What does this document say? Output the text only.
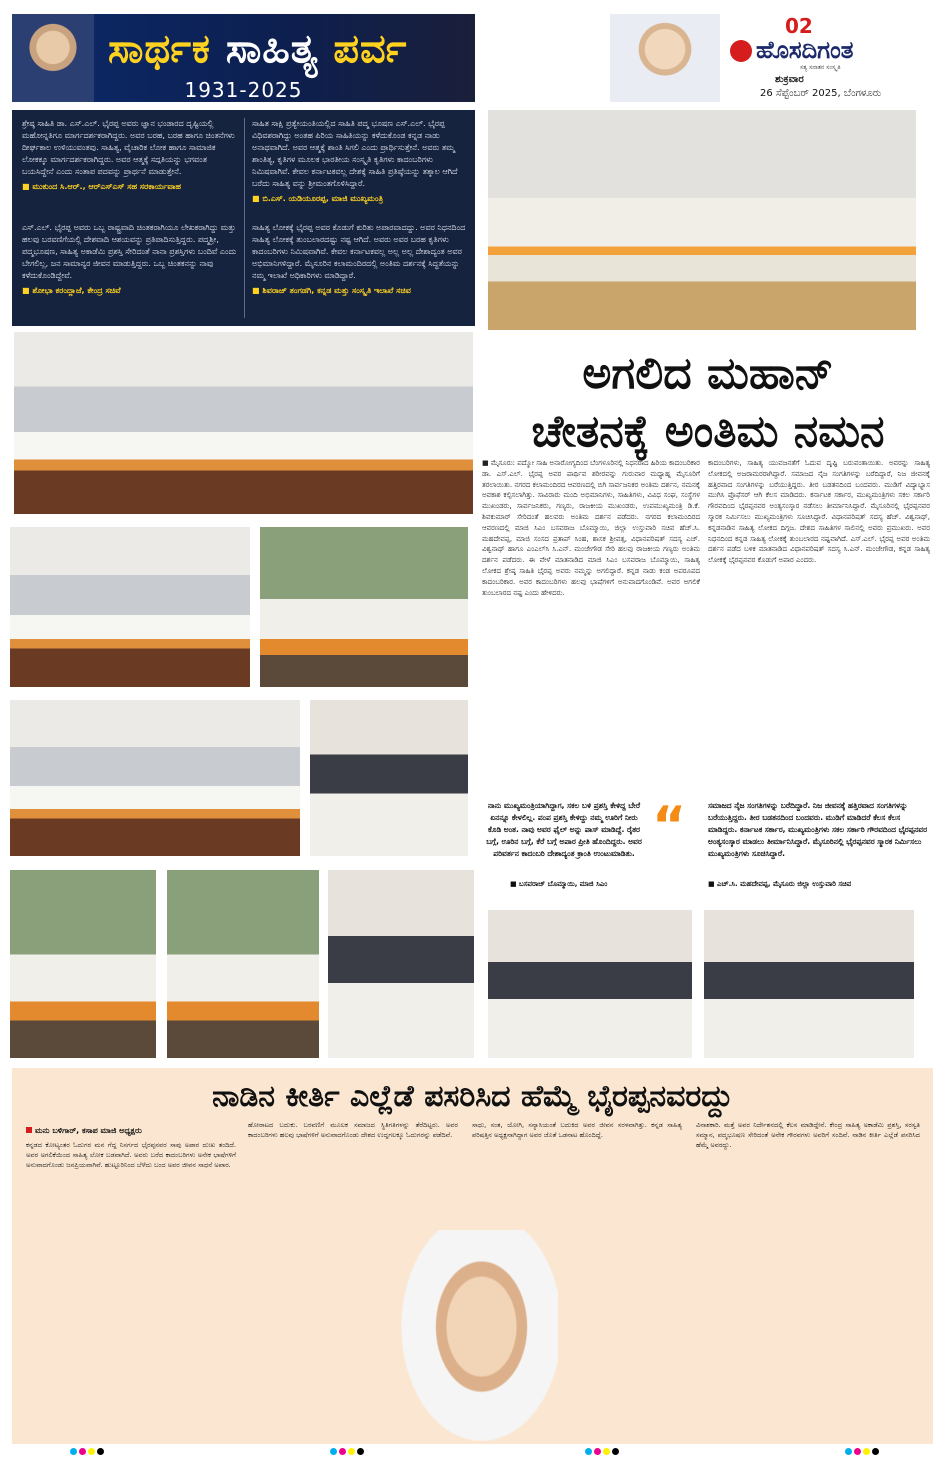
ಸಾರ್ಥಕ ಸಾಹಿತ್ಯ ಪರ್ವ
1931-2025
02
ಹೊಸದಿಗಂತ
ಸತ್ಯ ಸನಾತನ ಸಂಸ್ಕೃತಿ
ಶುಕ್ರವಾರ
26 ಸೆಪ್ಟೆಂಬರ್ 2025, ಬೆಂಗಳೂರು
ಶ್ರೇಷ್ಠ ಸಾಹಿತಿ ಡಾ. ಎಸ್.ಎಲ್. ಭೈರಪ್ಪ ಅವರು ಜ್ಞಾನ ಭಂಡಾರದ ದೃಷ್ಟಿಯಲ್ಲಿ ಮಹೋನ್ನತಿಗೂ ಮಾರ್ಗದರ್ಶಕರಾಗಿದ್ದರು. ಅವರ ಬರಹ, ಬರಹ ಹಾಗೂ ಚಿಂತನೆಗಳು ದೀರ್ಘಕಾಲ ಉಳಿಯುವಂತವು. ಸಾಹಿತ್ಯ, ವೈಚಾರಿಕ ಲೋಕ ಹಾಗೂ ಸಾಮಾಜಿಕ ಲೋಕಕ್ಕೂ ಮಾರ್ಗದರ್ಶಕರಾಗಿದ್ದರು. ಅವರ ಆತ್ಮಕ್ಕೆ ಸದ್ಗತಿಯನ್ನು ಭಗವಂತ ಬಯಸಿದ್ದೇನೆ ಎಂದು ಸಂತಾಪ ಪದವನ್ನು ಪ್ರಾರ್ಥನೆ ಮಾಡುತ್ತೇನೆ.
■ ಮುಕುಂದ ಸಿ.ಆರ್., ಆರ್‌ಎಸ್‌ಎಸ್ ಸಹ ಸರಕಾರ್ಯವಾಹ
ಸಾಹಿತ ಸಾಕ್ಷಿ ಪ್ರತ್ಯೇಯಂತಿಯಲ್ಲಿದ ಸಾಹಿತಿ ಪದ್ಮ ಭೂಷಣ ಎಸ್.ಎಲ್. ಭೈರಪ್ಪ ವಿಧಿವಶರಾಗಿದ್ದು ಅಂತಹ ಪಿರಿಯ ಸಾಹಿತಿಯನ್ನು ಕಳೆದುಕೊಂಡ ಕನ್ನಡ ನಾಡು ಅನಾಥವಾಗಿದೆ. ಅವರ ಆತ್ಮಕ್ಕೆ ಶಾಂತಿ ಸಿಗಲಿ ಎಂದು ಪ್ರಾರ್ಥಿಸುತ್ತೇನೆ. ಅವರು ತಮ್ಮ ಶಾಂತಿತ್ಯ, ಕೃತಿಗಳ ಮೂಲಕ ಭಾರತೀಯ ಸಂಸ್ಕೃತಿ ಕೃತಿಗಳು ಕಾದಂಬರಿಗಳು ನಿಮಿಷವಾಗಿವೆ. ಕೇವಲ ಕರ್ನಾಟಕವಲ್ಲ ದೇಶಕ್ಕೆ ಸಾಹಿತಿ ಪ್ರತಿಷ್ಠೆಯನ್ನು ತತ್ಕಾಲ ಆಗಿದೆ ಬರೆದು ಸಾಹಿತ್ಯ ವನ್ನು ಶ್ರೀಮಂತಗೊಳಿಸಿದ್ದಾರೆ.
■ ಬಿ.ಎಸ್. ಯಡಿಯೂರಪ್ಪ, ಮಾಜಿ ಮುಖ್ಯಮಂತ್ರಿ
ಎಸ್.ಎಲ್. ಭೈರಪ್ಪ ಅವರು ಒಬ್ಬ ರಾಷ್ಟ್ರವಾದಿ ಚಿಂತಕರಾಗಿಯೂ ಲೇಖಕರಾಗಿದ್ದು ಮತ್ತು ಹಲವು ಬರವಣಿಗೆಯಲ್ಲಿ ದೇಶವಾದಿ ಆಶಯವನ್ನು ಪ್ರತಿಪಾದಿಸುತ್ತಿದ್ದರು. ಪದ್ಮಶ್ರೀ, ಪದ್ಮಭೂಷಣ, ಸಾಹಿತ್ಯ ಅಕಾಡೆಮಿ ಪ್ರಶಸ್ತಿ ಸೇರಿದಂತೆ ನಾನಾ ಪ್ರಶಸ್ತಿಗಳು ಬಂದಿವೆ ಎಂದು ಬೇಗಲಿಲ್ಲ, ಜನ ಸಾಮಾನ್ಯರ ಜೀವನ ಮಾಡುತ್ತಿದ್ದರು. ಒಬ್ಬ ಚಿಂತಕನನ್ನು ನಾವು ಕಳೆದುಕೊಂಡಿದ್ದೇವೆ.
■ ಶೋಭಾ ಕರಂದ್ಲಾಜೆ, ಕೇಂದ್ರ ಸಚಿವೆ
ಸಾಹಿತ್ಯ ಲೋಕಕ್ಕೆ ಭೈರಪ್ಪ ಅವರ ಕೊಡುಗೆ ಕುರಿತು ಅಪಾರವಾದದ್ದು. ಅವರ ನಿಧನದಿಂದ ಸಾಹಿತ್ಯ ಲೋಕಕ್ಕೆ ತುಂಬಲಾರದಷ್ಟು ನಷ್ಟ ಆಗಿದೆ. ಅವರು ಅವರ ಬರಹ ಕೃತಿಗಳು ಕಾದಂಬರಿಗಳು ನಿಮಿಷವಾಗಿವೆ. ಕೇವಲ ಕರ್ನಾಟಕವಲ್ಲ ಅಲ್ಲ ಅಲ್ಲ ದೇಶಾದ್ಯಂತ ಅವರ ಅಭಿಮಾನಿಗಳಿದ್ದಾರೆ. ಮೈಸೂರಿನ ಕಲಾಮಂದಿರದಲ್ಲಿ ಅಂತಿಮ ದರ್ಶನಕ್ಕೆ ಸಿದ್ಧತೆಯನ್ನು ನಮ್ಮ ಇಲಾಖೆ ಅಧಿಕಾರಿಗಳು ಮಾಡಿದ್ದಾರೆ.
■ ಶಿವರಾಜ್ ತಂಗಡಗಿ, ಕನ್ನಡ ಮತ್ತು ಸಂಸ್ಕೃತಿ ಇಲಾಖೆ ಸಚಿವ
ಅಗಲಿದ ಮಹಾನ್
ಚೇತನಕ್ಕೆ ಅಂತಿಮ ನಮನ
■ ಮೈಸೂರು: ಪದ್ಮೋ ಸಾಹಿ ಅನಾರೋಗ್ಯದಿಂದ ಬೆಂಗಳೂರಿನಲ್ಲಿ ನಿಧನರಾದ ಹಿರಿಯ ಕಾದಂಬರಿಕಾರ ಡಾ. ಎಸ್.ಎಲ್. ಭೈರಪ್ಪ ಅವರ ಪಾರ್ಥಿವ ಶರೀರವನ್ನು ಗುರುವಾರ ಮಧ್ಯಾಹ್ನ ಮೈಸೂರಿಗೆ ತರಲಾಯಿತು. ನಗರದ ಕಲಾಮಂದಿರದ ಆವರಣದಲ್ಲಿ ಬಿಗಿ ಸಾರ್ವಜನಿಕರ ಅಂತಿಮ ದರ್ಶನ, ನಮನಕ್ಕೆ ಅವಕಾಶ ಕಲ್ಪಿಸಲಾಗಿತ್ತು. ಸಾವಿರಾರು ಮಂದಿ ಅಭಿಮಾನಿಗಳು, ಸಾಹಿತಿಗಳು, ವಿವಿಧ ಸಂಘ, ಸಂಸ್ಥೆಗಳ ಮುಖಂಡರು, ಸಾರ್ವಜನಿಕರು, ಗಣ್ಯರು, ರಾಜಕೀಯ ಮುಖಂಡರು, ಉಪಮುಖ್ಯಮಂತ್ರಿ ಡಿ.ಕೆ. ಶಿವಕುಮಾರ್ ಸೇರಿದಂತೆ ಹಲವರು ಅಂತಿಮ ದರ್ಶನ ಪಡೆದರು. ನಗರದ ಕಲಾಮಂದಿರದ ಆವರಣದಲ್ಲಿ ಮಾಜಿ ಸಿಎಂ ಬಸವರಾಜ ಬೊಮ್ಮಾಯಿ, ಜಿಲ್ಲಾ ಉಸ್ತುವಾರಿ ಸಚಿವ ಹೆಚ್.ಸಿ. ಮಹದೇವಪ್ಪ, ಮಾಜಿ ಸಂಸದ ಪ್ರತಾಪ್ ಸಿಂಹ, ಶಾಸಕ ಶ್ರೀವತ್ಸ, ವಿಧಾನಪರಿಷತ್ ಸದಸ್ಯ ಎಚ್. ವಿಶ್ವನಾಥ್ ಹಾಗೂ ಎಂಎಲ್‌ಸಿ ಸಿ.ಎನ್. ಮಂಜೇಗೌಡ ಸೇರಿ ಹಲವು ರಾಜಕೀಯ ಗಣ್ಯರು ಅಂತಿಮ ದರ್ಶನ ಪಡೆದರು. ಈ ವೇಳೆ ಮಾತನಾಡಿದ ಮಾಜಿ ಸಿಎಂ ಬಸವರಾಜ ಬೊಮ್ಮಾಯಿ, ಸಾಹಿತ್ಯ ಲೋಕದ ಶ್ರೇಷ್ಠ ಸಾಹಿತಿ ಭೈರಪ್ಪ ಅವರು ನಮ್ಮನ್ನು ಅಗಲಿದ್ದಾರೆ. ಕನ್ನಡ ನಾಡು ಕಂಡ ಅಪರೂಪದ ಕಾದಂಬರಿಕಾರ. ಅವರ ಕಾದಂಬರಿಗಳು ಹಲವು ಭಾಷೆಗಳಿಗೆ ಅನುವಾದಗೊಂಡಿವೆ. ಅವರ ಅಗಲಿಕೆ ತುಂಬಲಾರದ ನಷ್ಟ ಎಂದು ಹೇಳಿದರು.
ಕಾದಂಬರಿಗಳು, ಸಾಹಿತ್ಯ ಯುವಜನತೆಗೆ ಓದುವ ದೃಷ್ಟಿ ಬರುವಂತಾಯಿತು. ಅವರನ್ನು ಸಾಹಿತ್ಯ ಲೋಕದಲ್ಲಿ ಅಜರಾಮರರಾಗಿದ್ದಾರೆ. ಸಮಾಜದ ನೈಜ ಸಂಗತಿಗಳನ್ನು ಬರೆದಿದ್ದಾರೆ, ನಿಜ ಜೀವನಕ್ಕೆ ಹತ್ತಿರವಾದ ಸಂಗತಿಗಳನ್ನು ಬರೆಯುತ್ತಿದ್ದರು. ತೀರ ಬಡತನದಿಂದ ಬಂದವರು. ಮುಡಿಗೆ ವಿದ್ಯಾಭ್ಯಾಸ ಮುಗಿಸಿ ಪ್ರೊಫೆಸರ್ ಆಗಿ ಕೆಲಸ ಮಾಡಿದರು. ಕರ್ನಾಟಕ ಸರ್ಕಾರ, ಮುಖ್ಯಮಂತ್ರಿಗಳು ಸಕಲ ಸರ್ಕಾರಿ ಗೌರವದಿಂದ ಭೈರಪ್ಪನವರ ಅಂತ್ಯಸಂಸ್ಕಾರ ನಡೆಸಲು ತೀರ್ಮಾನಿಸಿದ್ದಾರೆ. ಮೈಸೂರಿನಲ್ಲಿ ಭೈರಪ್ಪನವರ ಸ್ಮಾರಕ ನಿರ್ಮಿಸಲು ಮುಖ್ಯಮಂತ್ರಿಗಳು ಸೂಚಿಸಿದ್ದಾರೆ. ವಿಧಾನಪರಿಷತ್ ಸದಸ್ಯ ಹೆಚ್. ವಿಶ್ವನಾಥ್, ಕನ್ನಡನಾಡಿನ ಸಾಹಿತ್ಯ ಲೋಕದ ದಿಗ್ಗಜ. ದೇಶದ ಸಾಹಿತಿಗಳ ಸಾಲಿನಲ್ಲಿ ಅವರು ಪ್ರಮುಖರು. ಅವರ ನಿಧನದಿಂದ ಕನ್ನಡ ಸಾಹಿತ್ಯ ಲೋಕಕ್ಕೆ ತುಂಬಲಾರದ ನಷ್ಟವಾಗಿದೆ. ಎಸ್.ಎಲ್. ಭೈರಪ್ಪ ಅವರ ಅಂತಿಮ ದರ್ಶನ ಪಡೆದ ಬಳಿಕ ಮಾತನಾಡಿದ ವಿಧಾನಪರಿಷತ್ ಸದಸ್ಯ ಸಿ.ಎನ್. ಮಂಜೇಗೌಡ, ಕನ್ನಡ ಸಾಹಿತ್ಯ ಲೋಕಕ್ಕೆ ಭೈರಪ್ಪನವರ ಕೊಡುಗೆ ಅಪಾರ ಎಂದರು.
“
ನಾನು ಮುಖ್ಯಮಂತ್ರಿಯಾಗಿದ್ದಾಗ, ಸಕಲ ಬಳಿ ಪ್ರಶಸ್ತಿ ಕೇಳಿದ್ದ ಬೇರೆ ಏನನ್ನೂ ಕೇಳಲಿಲ್ಲ. ಪಂಪ ಪ್ರಶಸ್ತಿ ಕೇಳಿದ್ದು ನಮ್ಮ ಊರಿಗೆ ನೀರು ಕೊಡಿ ಅಂತ. ನಾವು ಅವರ ಫೈಲ್ ಅನ್ನು ಪಾಸ್ ಮಾಡಿದ್ದೆ. ರೈತರ ಬಗ್ಗೆ, ಊರಿನ ಬಗ್ಗೆ, ಕೆರೆ ಬಗ್ಗೆ ಅಪಾರ ಪ್ರೀತಿ ಹೊಂದಿದ್ದರು. ಅವರ ಪರಿವರ್ತನ ಕಾದಂಬರಿ ದೇಶಾದ್ಯಂತ ಕ್ರಾಂತಿ ಉಂಟುಮಾಡಿತು.
■ ಬಸವರಾಜ್ ಬೊಮ್ಮಾಯಿ, ಮಾಜಿ ಸಿಎಂ
ಸಮಾಜದ ನೈಜ ಸಂಗತಿಗಳನ್ನು ಬರೆದಿದ್ದಾರೆ. ನಿಜ ಜೀವನಕ್ಕೆ ಹತ್ತಿರವಾದ ಸಂಗತಿಗಳನ್ನು ಬರೆಯುತ್ತಿದ್ದರು. ತೀರ ಬಡತನದಿಂದ ಬಂದವರು. ಮುಡಿಗೆ ಮಾಡಿದರೆ ಕೆಲಸ ಕೆಲಸ ಮಾಡಿದ್ದರು. ಕರ್ನಾಟಕ ಸರ್ಕಾರ, ಮುಖ್ಯಮಂತ್ರಿಗಳು ಸಕಲ ಸರ್ಕಾರಿ ಗೌರವದಿಂದ ಭೈರಪ್ಪನವರ ಅಂತ್ಯಸಂಸ್ಕಾರ ಮಾಡಲು ತೀರ್ಮಾನಿಸಿದ್ದಾರೆ. ಮೈಸೂರಿನಲ್ಲಿ ಭೈರಪ್ಪನವರ ಸ್ಮಾರಕ ನಿರ್ಮಿಸಲು ಮುಖ್ಯಮಂತ್ರಿಗಳು ಸೂಚಿಸಿದ್ದಾರೆ.
■ ಎಚ್.ಸಿ. ಮಹದೇವಪ್ಪ, ಮೈಸೂರು ಜಿಲ್ಲಾ ಉಸ್ತುವಾರಿ ಸಚಿವ
ನಾಡಿನ ಕೀರ್ತಿ ಎಲ್ಲೆಡೆ ಪಸರಿಸಿದ ಹೆಮ್ಮೆ ಭೈರಪ್ಪನವರದ್ದು
ಮನು ಬಳಿಗಾರ್, ಕಸಾಪ ಮಾಜಿ ಅಧ್ಯಕ್ಷರು
ಕನ್ನಡದ ಕೋಟ್ಯಂತರ ಓದುಗರ ಮನ ಗೆದ್ದ ನಿಸರ್ಗದ ಭೈರಪ್ಪನವರ ಸಾವು ಅಪಾರ ದುಃಖ ತಂದಿದೆ. ಅವರ ಅಗಲಿಕೆಯಿಂದ ಸಾಹಿತ್ಯ ಲೋಕ ಬಡವಾಗಿದೆ. ಅವರು ಬರೆದ ಕಾದಂಬರಿಗಳು ಅನೇಕ ಭಾಷೆಗಳಿಗೆ ಅನುವಾದಗೊಂಡು ಜನಪ್ರಿಯವಾಗಿವೆ. ಹುಟ್ಟೂರಿನಿಂದ ಬೆಳೆದು ಬಂದ ಅವರ ಜೀವನ ಸಾಧನೆ ಅಪಾರ.
ಹೋರಾಟದ ಬದುಕು. ಬರವಣಿಗೆ ಮೂಲಕ ಸಮಾಜದ ಸ್ಥಿತಿಗತಿಗಳನ್ನು ತೆರೆದಿಟ್ಟರು. ಅವರ ಕಾದಂಬರಿಗಳು ಹಲವು ಭಾಷೆಗಳಿಗೆ ಅನುವಾದಗೊಂಡು ದೇಶದ ಉದ್ದಗಲಕ್ಕೂ ಓದುಗರನ್ನು ಪಡೆದಿವೆ.
ಸಾಧು, ಸಂತ, ಯೋಗಿ, ಸನ್ಯಾಸಿಯಂತೆ ಬದುಕಿದ ಅವರ ಜೀವನ ಸರಳವಾಗಿತ್ತು. ಕನ್ನಡ ಸಾಹಿತ್ಯ ಪರಿಷತ್ತಿನ ಅಧ್ಯಕ್ಷನಾಗಿದ್ದಾಗ ಅವರ ಜೊತೆ ಒಡನಾಟ ಹೊಂದಿದ್ದೆ.
ವಿನಾಶಕಾರಿ. ಮತ್ತೆ ಅವರ ನಿರ್ದೇಶನದಲ್ಲಿ ಕೆಲಸ ಮಾಡಿದ್ದೇನೆ. ಕೇಂದ್ರ ಸಾಹಿತ್ಯ ಅಕಾಡೆಮಿ ಪ್ರಶಸ್ತಿ, ಸರಸ್ವತಿ ಸಮ್ಮಾನ, ಪದ್ಮಭೂಷಣ ಸೇರಿದಂತೆ ಅನೇಕ ಗೌರವಗಳು ಅವರಿಗೆ ಸಂದಿವೆ. ನಾಡಿನ ಕೀರ್ತಿ ಎಲ್ಲೆಡೆ ಪಸರಿಸಿದ ಹೆಮ್ಮೆ ಅವರದ್ದು.
